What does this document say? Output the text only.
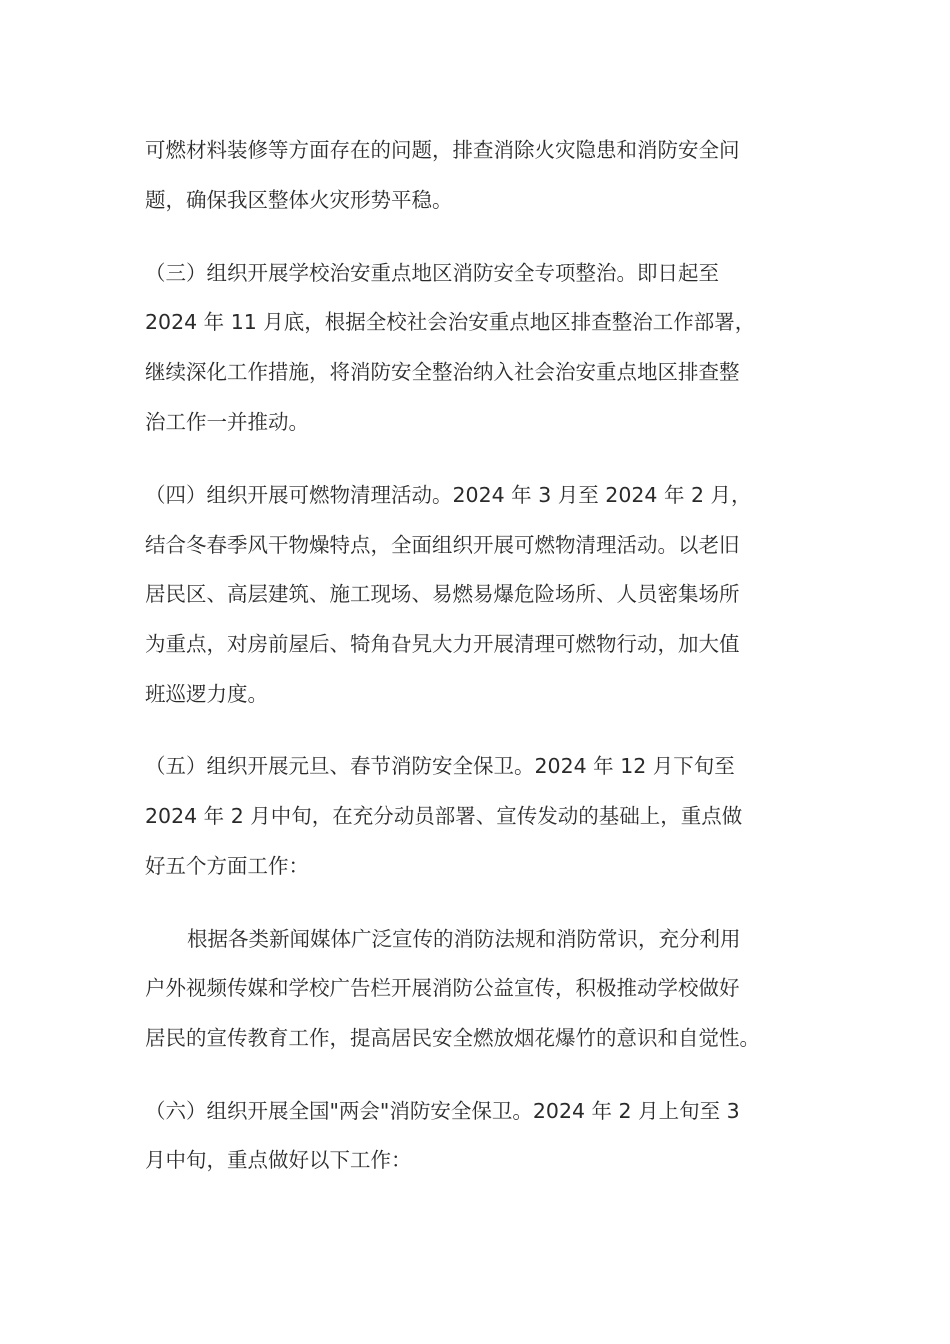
可燃材料装修等方面存在的问题，排查消除火灾隐患和消防安全问
题，确保我区整体火灾形势平稳。
（三）组织开展学校治安重点地区消防安全专项整治。即日起至
2024 年 11 月底，根据全校社会治安重点地区排查整治工作部署，
继续深化工作措施，将消防安全整治纳入社会治安重点地区排查整
治工作一并推动。
（四）组织开展可燃物清理活动。2024 年 3 月至 2024 年 2 月，
结合冬春季风干物燥特点，全面组织开展可燃物清理活动。以老旧
居民区、高层建筑、施工现场、易燃易爆危险场所、人员密集场所
为重点，对房前屋后、犄角旮旯大力开展清理可燃物行动，加大值
班巡逻力度。
（五）组织开展元旦、春节消防安全保卫。2024 年 12 月下旬至
2024 年 2 月中旬，在充分动员部署、宣传发动的基础上，重点做
好五个方面工作：
根据各类新闻媒体广泛宣传的消防法规和消防常识，充分利用
户外视频传媒和学校广告栏开展消防公益宣传，积极推动学校做好
居民的宣传教育工作，提高居民安全燃放烟花爆竹的意识和自觉性。
（六）组织开展全国"两会"消防安全保卫。2024 年 2 月上旬至 3
月中旬，重点做好以下工作：
